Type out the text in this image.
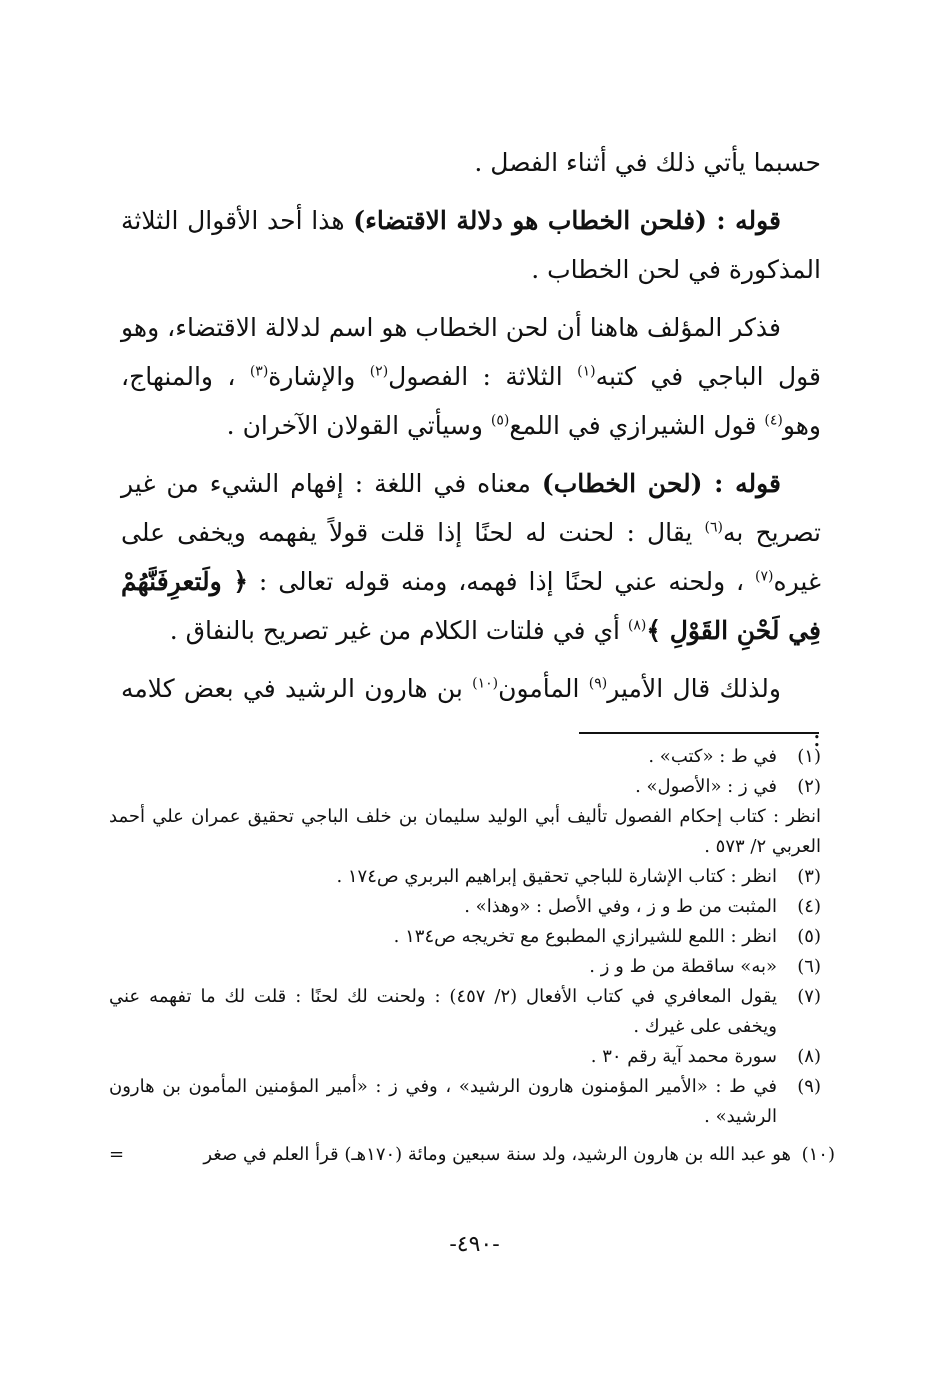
حسبما يأتي ذلك في أثناء الفصل .

قوله : (فلحن الخطاب هو دلالة الاقتضاء) هذا أحد الأقوال الثلاثة المذكورة في لحن الخطاب .

فذكر المؤلف هاهنا أن لحن الخطاب هو اسم لدلالة الاقتضاء، وهو قول الباجي في كتبه$^{(١)}$ الثلاثة : الفصول$^{(٢)}$ والإشارة$^{(٣)}$ ، والمنهاج، وهو$^{(٤)}$ قول الشيرازي في اللمع$^{(٥)}$ وسيأتي القولان الآخران .

قوله : (لحن الخطاب) معناه في اللغة : إفهام الشيء من غير تصريح به$^{(٦)}$ يقال : لحنت له لحنًا إذا قلت قولاً يفهمه ويخفى على غيره$^{(٧)}$ ، ولحنه عني لحنًا إذا فهمه، ومنه قوله تعالى : ﴿ ولَتعرِفَنَّهُمْ فِي لَحْنِ القَوْلِ ﴾$^{(٨)}$ أي في فلتات الكلام من غير تصريح بالنفاق .

ولذلك قال الأمير$^{(٩)}$ المأمون$^{(١٠)}$ بن هارون الرشيد في بعض كلامه :

(١)
في ط : «كتب» .
(٢)
في ز : «الأصول» .
انظر : كتاب إحكام الفصول تأليف أبي الوليد سليمان بن خلف الباجي تحقيق عمران علي أحمد العربي ٢/ ٥٧٣ .
(٣)
انظر : كتاب الإشارة للباجي تحقيق إبراهيم البربري ص١٧٤ .
(٤)
المثبت من ط و ز ، وفي الأصل : «وهذا» .
(٥)
انظر : اللمع للشيرازي المطبوع مع تخريجه ص١٣٤ .
(٦)
«به» ساقطة من ط و ز .
(٧)
يقول المعافري في كتاب الأفعال (٢/ ٤٥٧) : ولحنت لك لحنًا : قلت لك ما تفهمه عني ويخفى على غيرك .
(٨)
سورة محمد آية رقم ٣٠ .
(٩)
في ط : «الأمير المؤمنون هارون الرشيد» ، وفي ز : «أمير المؤمنين المأمون بن هارون الرشيد» .
(١٠)
هو عبد الله بن هارون الرشيد، ولد سنة سبعين ومائة (١٧٠هـ) قرأ العلم في صغر
=
-٤٩٠-
